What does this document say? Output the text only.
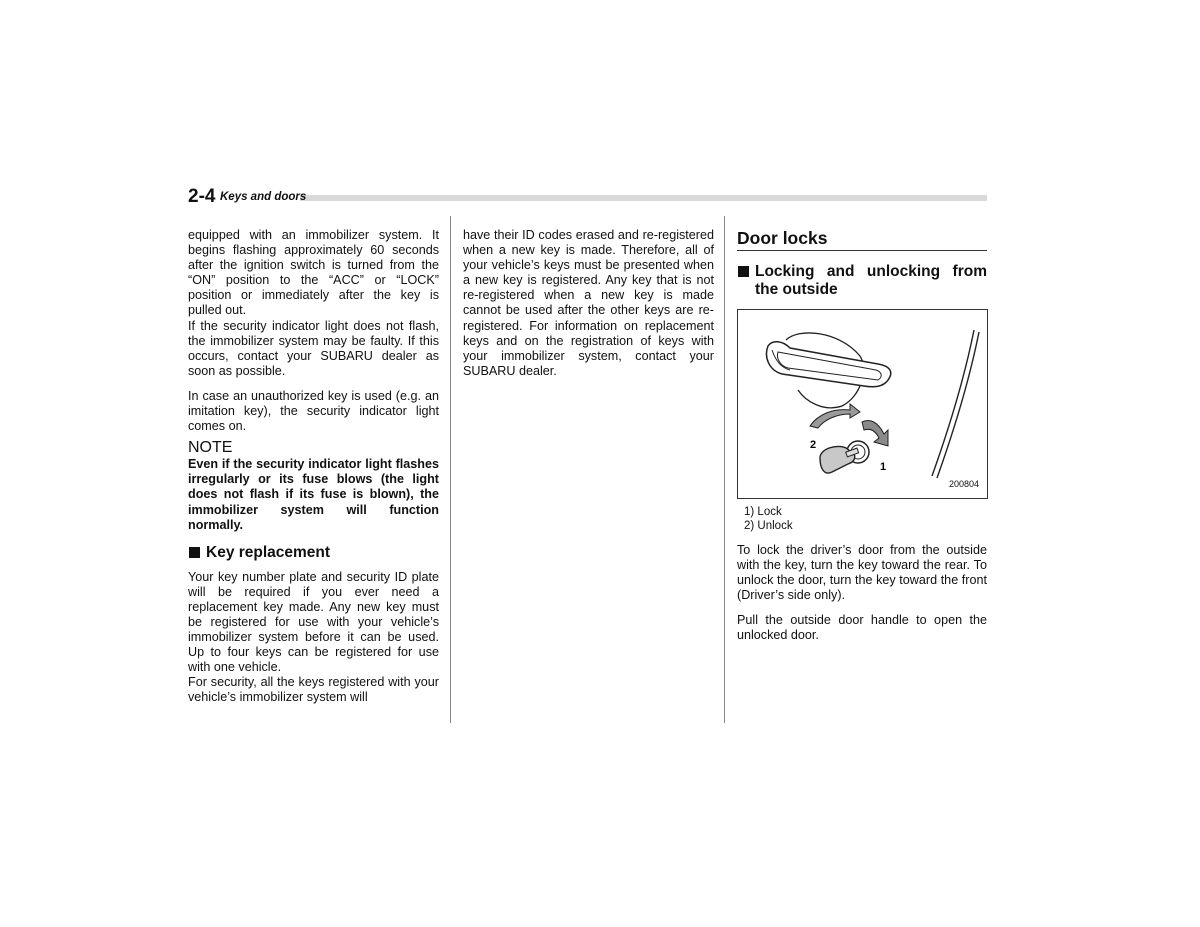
2-4 Keys and doors

equipped with an immobilizer system. It begins flashing approximately 60 seconds after the ignition switch is turned from the “ON” position to the “ACC” or “LOCK” position or immediately after the key is pulled out.

If the security indicator light does not flash, the immobilizer system may be faulty. If this occurs, contact your SUBARU dealer as soon as possible.

In case an unauthorized key is used (e.g. an imitation key), the security indicator light comes on.

NOTE

Even if the security indicator light flashes irregularly or its fuse blows (the light does not flash if its fuse is blown), the immobilizer system will function normally.

Key replacement

Your key number plate and security ID plate will be required if you ever need a replacement key made. Any new key must be registered for use with your vehicle’s immobilizer system before it can be used. Up to four keys can be registered for use with one vehicle.

For security, all the keys registered with your vehicle’s immobilizer system will

have their ID codes erased and re-registered when a new key is made. Therefore, all of your vehicle’s keys must be presented when a new key is registered. Any key that is not re-registered when a new key is made cannot be used after the other keys are re-registered. For information on replacement keys and on the registration of keys with your immobilizer system, contact your SUBARU dealer.

Door locks
Locking and unlocking from the outside
2
1
200804
1) Lock
2) Unlock

To lock the driver’s door from the outside with the key, turn the key toward the rear. To unlock the door, turn the key toward the front (Driver’s side only).

Pull the outside door handle to open the unlocked door.
